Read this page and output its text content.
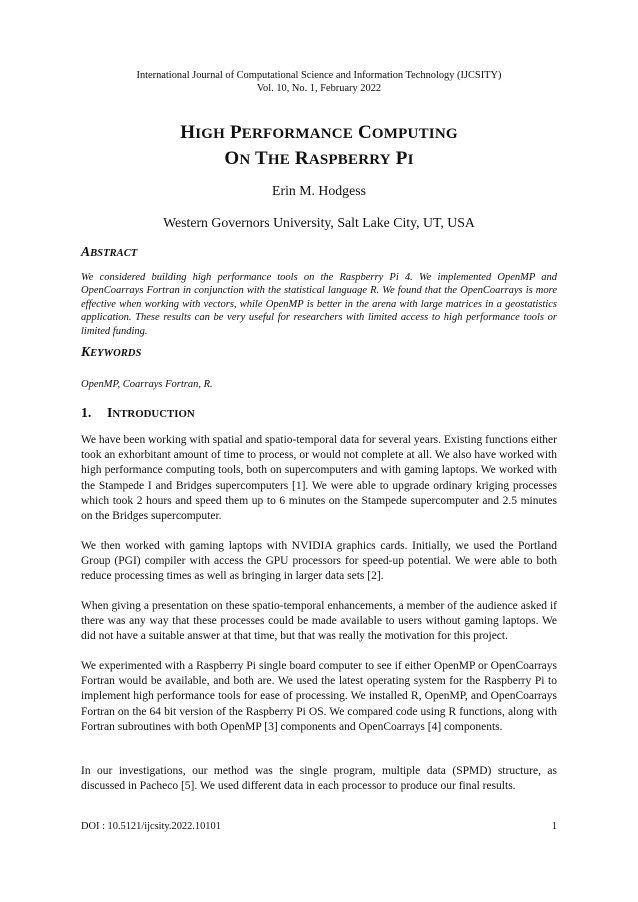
International Journal of Computational Science and Information Technology (IJCSITY)
Vol. 10, No. 1, February 2022
HIGH PERFORMANCE COMPUTING
ON THE RASPBERRY PI
Erin M. Hodgess
Western Governors University, Salt Lake City, UT, USA
ABSTRACT
We considered building high performance tools on the Raspberry Pi 4. We implemented OpenMP and OpenCoarrays Fortran in conjunction with the statistical language R. We found that the OpenCoarrays is more effective when working with vectors, while OpenMP is better in the arena with large matrices in a geostatistics application. These results can be very useful for researchers with limited access to high performance tools or limited funding.
KEYWORDS
OpenMP, Coarrays Fortran, R.
1. INTRODUCTION

We have been working with spatial and spatio-temporal data for several years. Existing functions either took an exhorbitant amount of time to process, or would not complete at all. We also have worked with high performance computing tools, both on supercomputers and with gaming laptops. We worked with the Stampede I and Bridges supercomputers [1]. We were able to upgrade ordinary kriging processes which took 2 hours and speed them up to 6 minutes on the Stampede supercomputer and 2.5 minutes on the Bridges supercomputer.

We then worked with gaming laptops with NVIDIA graphics cards. Initially, we used the Portland Group (PGI) compiler with access the GPU processors for speed-up potential. We were able to both reduce processing times as well as bringing in larger data sets [2].

When giving a presentation on these spatio-temporal enhancements, a member of the audience asked if there was any way that these processes could be made available to users without gaming laptops. We did not have a suitable answer at that time, but that was really the motivation for this project.

We experimented with a Raspberry Pi single board computer to see if either OpenMP or OpenCoarrays Fortran would be available, and both are. We used the latest operating system for the Raspberry Pi to implement high performance tools for ease of processing. We installed R, OpenMP, and OpenCoarrays Fortran on the 64 bit version of the Raspberry Pi OS. We compared code using R functions, along with Fortran subroutines with both OpenMP [3] components and OpenCoarrays [4] components.

In our investigations, our method was the single program, multiple data (SPMD) structure, as discussed in Pacheco [5]. We used different data in each processor to produce our final results.

DOI : 10.5121/ijcsity.2022.10101	1
